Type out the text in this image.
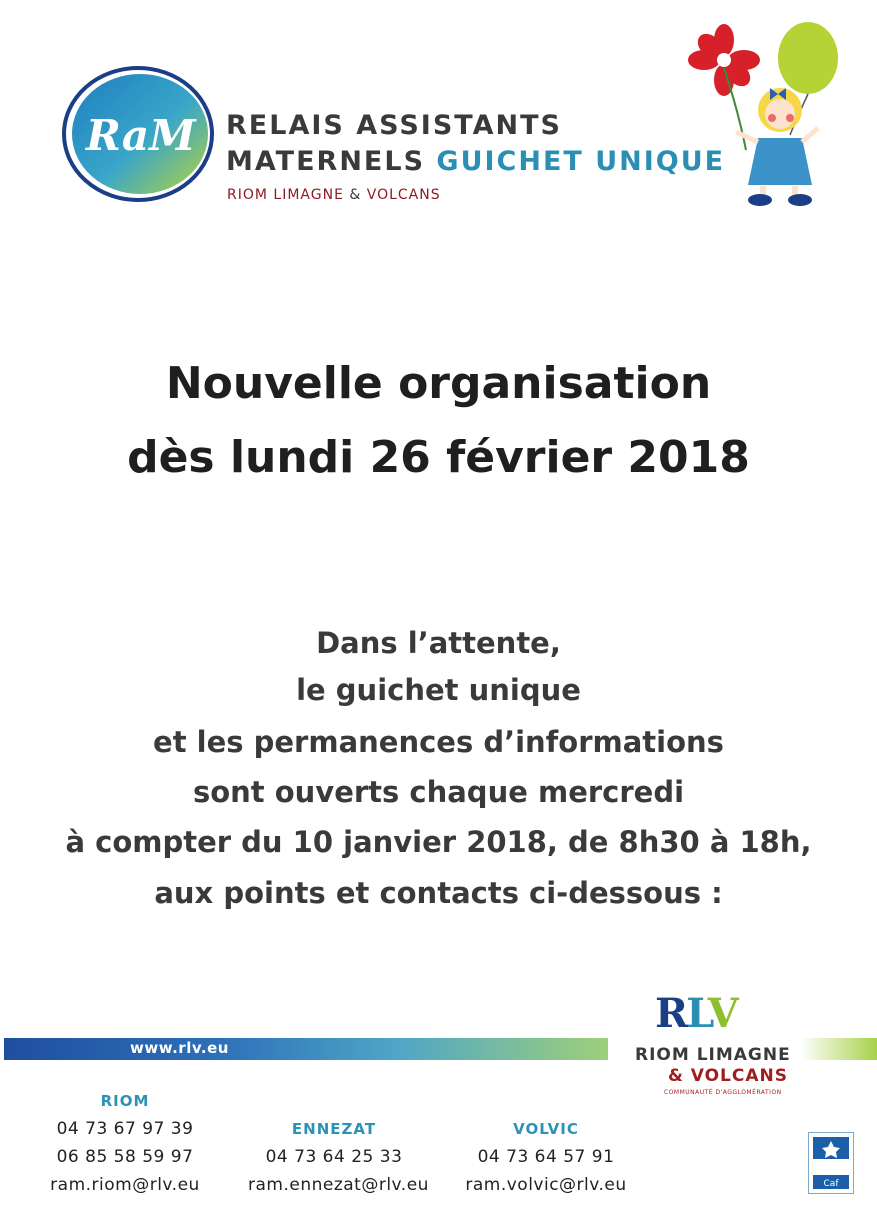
RaM RELAIS ASSISTANTS
MATERNELS GUICHET UNIQUE
RIOM LIMAGNE & VOLCANS
Nouvelle organisation
dès lundi 26 février 2018
Dans l’attente,
le guichet unique
et les permanences d’informations
sont ouverts chaque mercredi
à compter du 10 janvier 2018, de 8h30 à 18h,
aux points et contacts ci-dessous :
www.rlv.eu
RLV
RIOM LIMAGNE
& VOLCANS
COMMUNAUTÉ D'AGGLOMÉRATION
RIOM
04 73 67 97 39
06 85 58 59 97
ram.riom@rlv.eu
ENNEZAT
04 73 64 25 33
ram.ennezat@rlv.eu
VOLVIC
04 73 64 57 91
ram.volvic@rlv.eu	Caf
